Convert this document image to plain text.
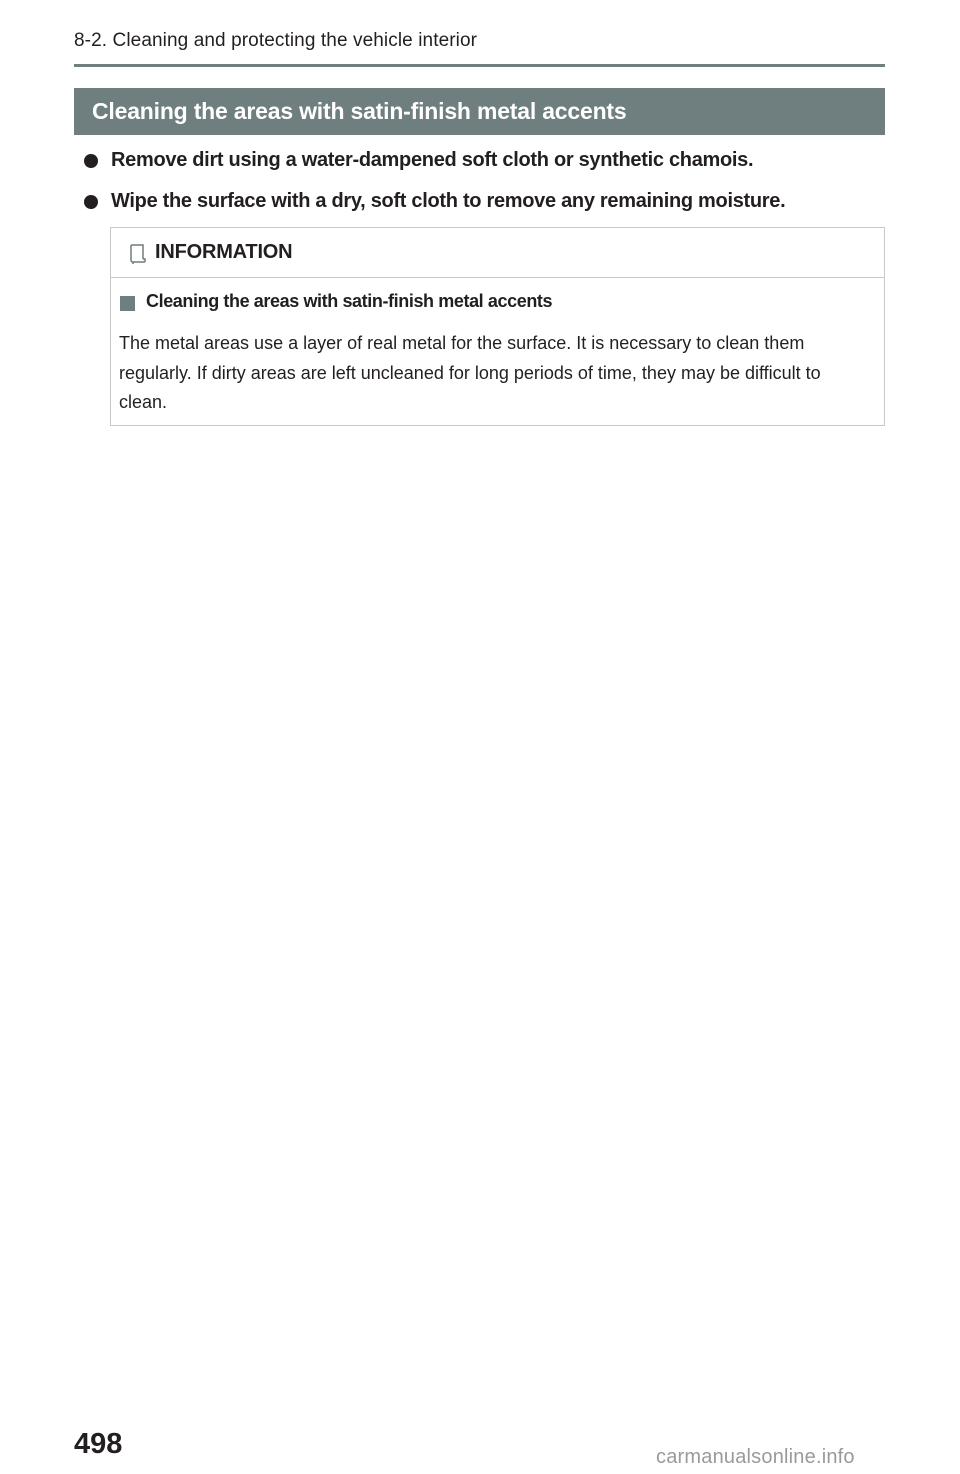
8-2. Cleaning and protecting the vehicle interior
Cleaning the areas with satin-finish metal accents
Remove dirt using a water-dampened soft cloth or synthetic chamois.
Wipe the surface with a dry, soft cloth to remove any remaining moisture.
INFORMATION
Cleaning the areas with satin-finish metal accents
The metal areas use a layer of real metal for the surface. It is necessary to clean them regularly. If dirty areas are left uncleaned for long periods of time, they may be difficult to clean.
498	carmanualsonline.info
